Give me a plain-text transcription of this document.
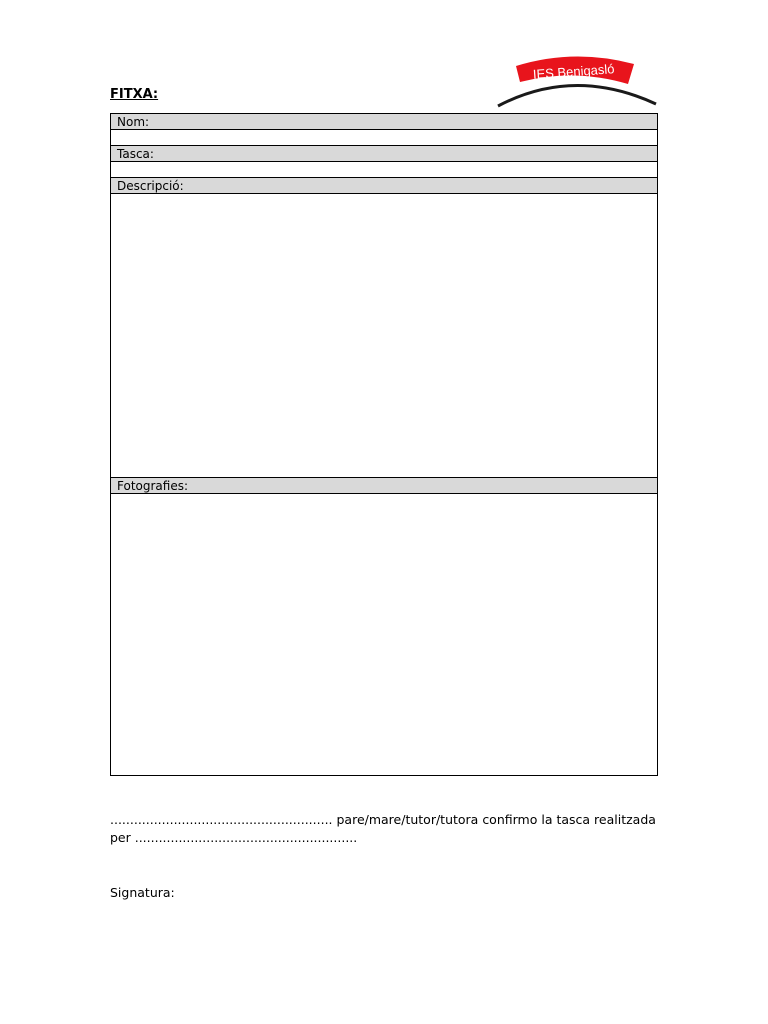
FITXA:
IES Benigasló
Nom:

Tasca:

Descripció:

Fotografies:

........................................................ pare/mare/tutor/tutora confirmo la tasca realitzada
per ........................................................
Signatura:
